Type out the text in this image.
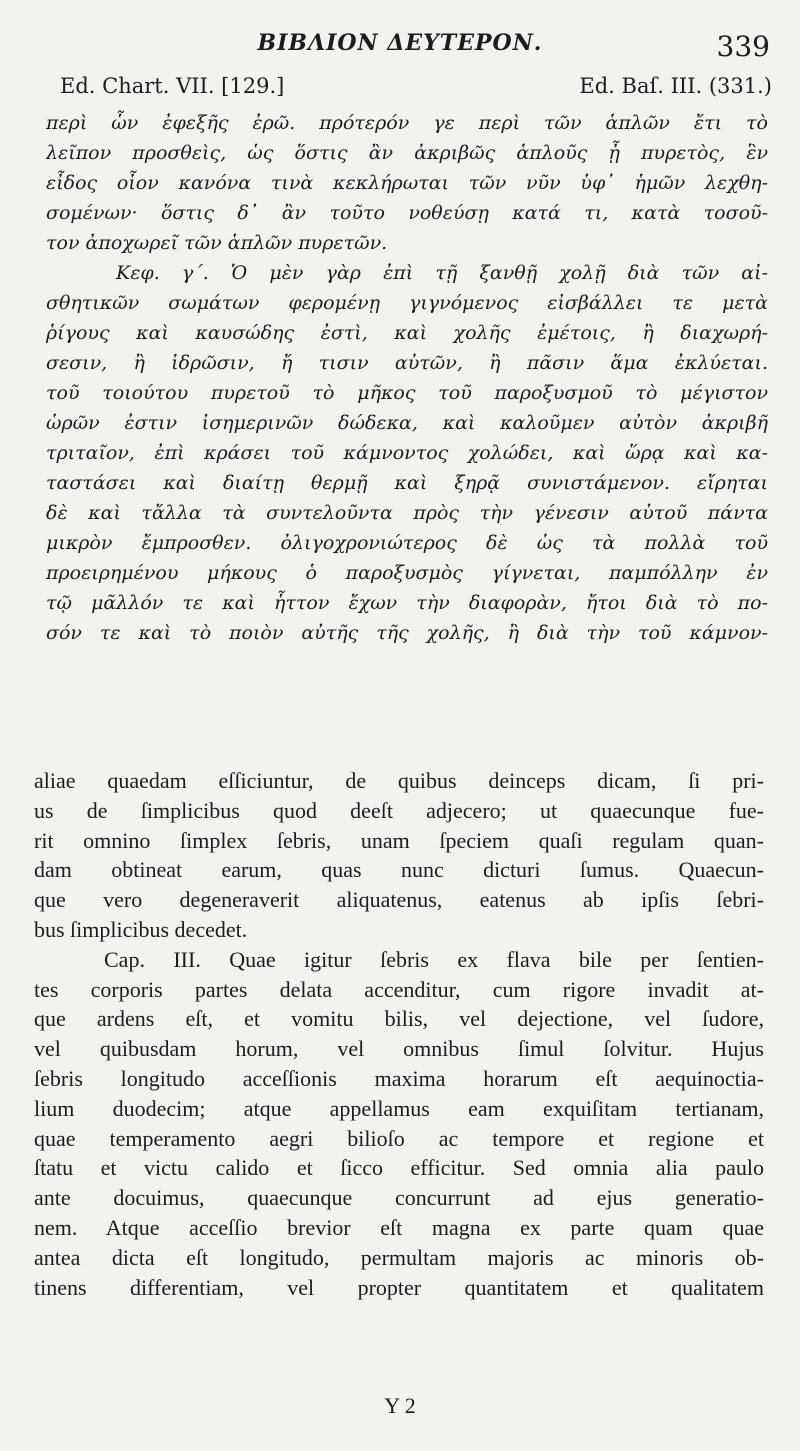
ΒΙΒΛΙΟΝ ΔΕΥΤΕΡΟΝ.	339
Ed. Chart. VII. [129.]	Ed. Baſ. III. (331.)
περὶ ὧν ἐφεξῆς ἐρῶ. πρότερόν γε περὶ τῶν ἁπλῶν ἔτι τὸ
λεῖπον προσθεὶς, ὡς ὅστις ἂν ἀκριβῶς ἁπλοῦς ᾖ πυρετὸς, ἓν
εἶδος οἷον κανόνα τινὰ κεκλήρωται τῶν νῦν ὑφ᾽ ἡμῶν λεχθη-
σομένων· ὅστις δ᾽ ἂν τοῦτο νοθεύσῃ κατά τι, κατὰ τοσοῦ-
τον ἀποχωρεῖ τῶν ἁπλῶν πυρετῶν.
Κεφ. γ΄. Ὁ μὲν γὰρ ἐπὶ τῇ ξανθῇ χολῇ διὰ τῶν αἰ-
σθητικῶν σωμάτων φερομένῃ γιγνόμενος εἰσβάλλει τε μετὰ
ῥίγους καὶ καυσώδης ἐστὶ, καὶ χολῆς ἐμέτοις, ἢ διαχωρή-
σεσιν, ἢ ἱδρῶσιν, ἤ τισιν αὐτῶν, ἢ πᾶσιν ἅμα ἐκλύεται.
τοῦ τοιούτου πυρετοῦ τὸ μῆκος τοῦ παροξυσμοῦ τὸ μέγιστον
ὡρῶν ἐστιν ἰσημερινῶν δώδεκα, καὶ καλοῦμεν αὐτὸν ἀκριβῆ
τριταῖον, ἐπὶ κράσει τοῦ κάμνοντος χολώδει, καὶ ὥρᾳ καὶ κα-
ταστάσει καὶ διαίτῃ θερμῇ καὶ ξηρᾷ συνιστάμενον. εἴρηται
δὲ καὶ τἄλλα τὰ συντελοῦντα πρὸς τὴν γένεσιν αὐτοῦ πάντα
μικρὸν ἔμπροσθεν. ὀλιγοχρονιώτερος δὲ ὡς τὰ πολλὰ τοῦ
προειρημένου μήκους ὁ παροξυσμὸς γίγνεται, παμπόλλην ἐν
τῷ μᾶλλόν τε καὶ ἧττον ἔχων τὴν διαφορὰν, ἤτοι διὰ τὸ πο-
σόν τε καὶ τὸ ποιὸν αὐτῆς τῆς χολῆς, ἢ διὰ τὴν τοῦ κάμνον-
aliae quaedam eſſiciuntur, de quibus deinceps dicam, ſi pri-
us de ſimplicibus quod deeſt adjecero; ut quaecunque fue-
rit omnino ſimplex ſebris, unam ſpeciem quaſi regulam quan-
dam obtineat earum, quas nunc dicturi ſumus. Quaecun-
que vero degeneraverit aliquatenus, eatenus ab ipſis ſebri-
bus ſimplicibus decedet.
Cap. III. Quae igitur ſebris ex flava bile per ſentien-
tes corporis partes delata accenditur, cum rigore invadit at-
que ardens eſt, et vomitu bilis, vel dejectione, vel ſudore,
vel quibusdam horum, vel omnibus ſimul ſolvitur. Hujus
ſebris longitudo acceſſionis maxima horarum eſt aequinoctia-
lium duodecim; atque appellamus eam exquiſitam tertianam,
quae temperamento aegri bilioſo ac tempore et regione et
ſtatu et victu calido et ſicco efficitur. Sed omnia alia paulo
ante docuimus, quaecunque concurrunt ad ejus generatio-
nem. Atque acceſſio brevior eſt magna ex parte quam quae
antea dicta eſt longitudo, permultam majoris ac minoris ob-
tinens differentiam, vel propter quantitatem et qualitatem
Y 2
